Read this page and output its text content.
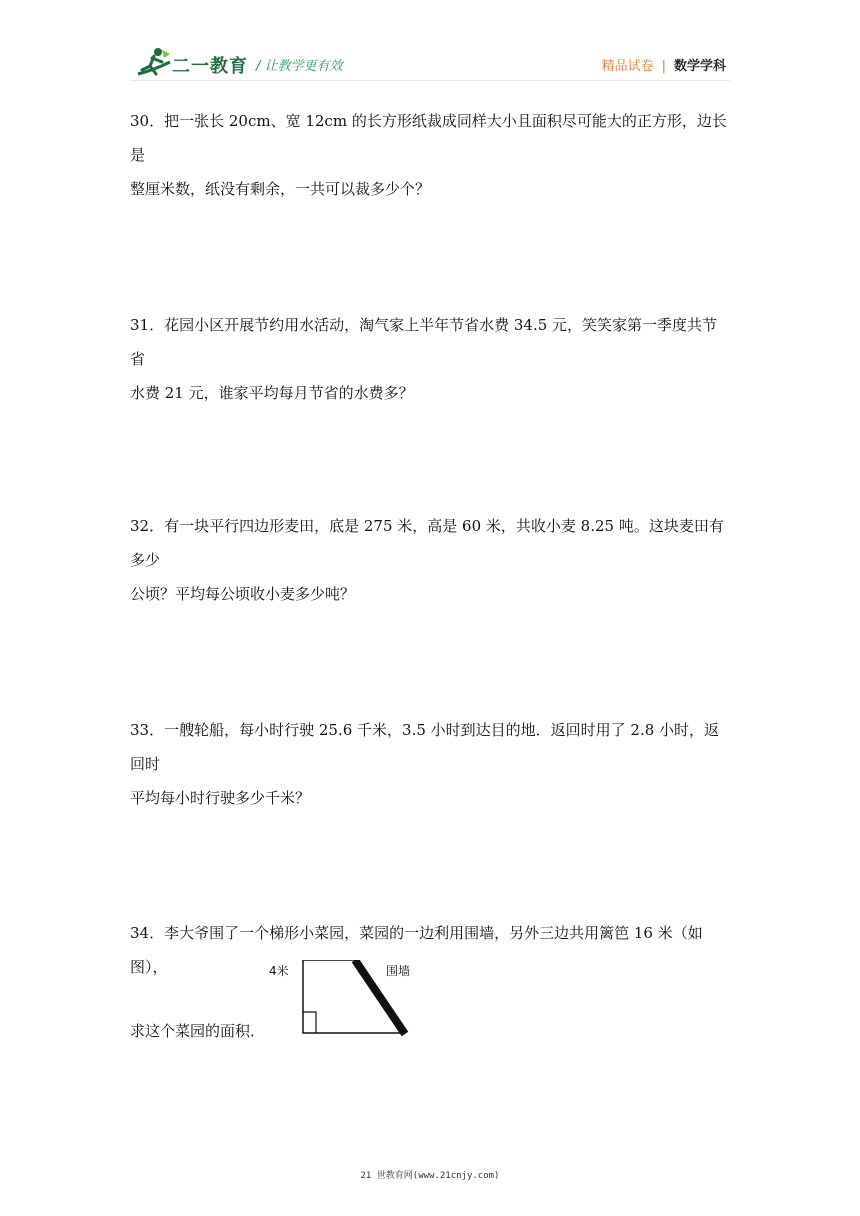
二一教育 / 让教学更有效	精品试卷 | 数学学科

30．把一张长 20cm、宽 12cm 的长方形纸裁成同样大小且面积尽可能大的正方形，边长是

整厘米数，纸没有剩余，一共可以裁多少个？

31．花园小区开展节约用水活动，淘气家上半年节省水费 34.5 元，笑笑家第一季度共节省

水费 21 元，谁家平均每月节省的水费多？

32．有一块平行四边形麦田，底是 275 米，高是 60 米，共收小麦 8.25 吨。这块麦田有多少

公顷？平均每公顷收小麦多少吨？

33．一艘轮船，每小时行驶 25.6 千米，3.5 小时到达目的地．返回时用了 2.8 小时，返回时

平均每小时行驶多少千米？

34．李大爷围了一个梯形小菜园，菜园的一边利用围墙，另外三边共用篱笆 16 米（如图），

求这个菜园的面积．

4米	围墙
21 世教育网(www.21cnjy.com)
